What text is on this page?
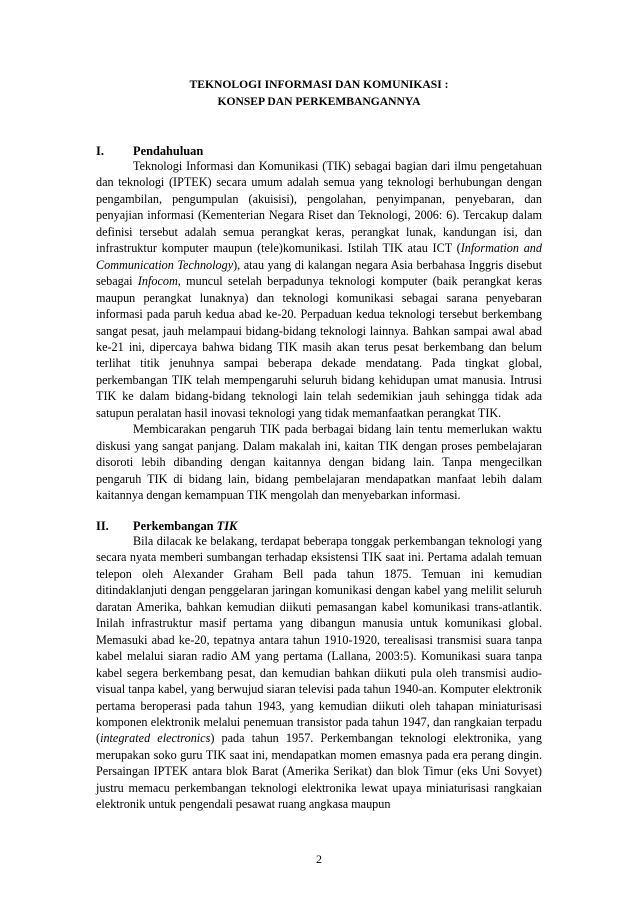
TEKNOLOGI INFORMASI DAN KOMUNIKASI :
KONSEP DAN PERKEMBANGANNYA
I. Pendahuluan

Teknologi Informasi dan Komunikasi (TIK) sebagai bagian dari ilmu pengetahuan dan teknologi (IPTEK) secara umum adalah semua yang teknologi berhubungan dengan pengambilan, pengumpulan (akuisisi), pengolahan, penyimpanan, penyebaran, dan penyajian informasi (Kementerian Negara Riset dan Teknologi, 2006: 6). Tercakup dalam definisi tersebut adalah semua perangkat keras, perangkat lunak, kandungan isi, dan infrastruktur komputer maupun (tele)komunikasi. Istilah TIK atau ICT (Information and Communication Technology), atau yang di kalangan negara Asia berbahasa Inggris disebut sebagai Infocom, muncul setelah berpadunya teknologi komputer (baik perangkat keras maupun perangkat lunaknya) dan teknologi komunikasi sebagai sarana penyebaran informasi pada paruh kedua abad ke-20. Perpaduan kedua teknologi tersebut berkembang sangat pesat, jauh melampaui bidang-bidang teknologi lainnya. Bahkan sampai awal abad ke-21 ini, dipercaya bahwa bidang TIK masih akan terus pesat berkembang dan belum terlihat titik jenuhnya sampai beberapa dekade mendatang. Pada tingkat global, perkembangan TIK telah mempengaruhi seluruh bidang kehidupan umat manusia. Intrusi TIK ke dalam bidang-bidang teknologi lain telah sedemikian jauh sehingga tidak ada satupun peralatan hasil inovasi teknologi yang tidak memanfaatkan perangkat TIK.

Membicarakan pengaruh TIK pada berbagai bidang lain tentu memerlukan waktu diskusi yang sangat panjang. Dalam makalah ini, kaitan TIK dengan proses pembelajaran disoroti lebih dibanding dengan kaitannya dengan bidang lain. Tanpa mengecilkan pengaruh TIK di bidang lain, bidang pembelajaran mendapatkan manfaat lebih dalam kaitannya dengan kemampuan TIK mengolah dan menyebarkan informasi.

II. Perkembangan TIK

Bila dilacak ke belakang, terdapat beberapa tonggak perkembangan teknologi yang secara nyata memberi sumbangan terhadap eksistensi TIK saat ini. Pertama adalah temuan telepon oleh Alexander Graham Bell pada tahun 1875. Temuan ini kemudian ditindaklanjuti dengan penggelaran jaringan komunikasi dengan kabel yang melilit seluruh daratan Amerika, bahkan kemudian diikuti pemasangan kabel komunikasi trans-atlantik. Inilah infrastruktur masif pertama yang dibangun manusia untuk komunikasi global. Memasuki abad ke-20, tepatnya antara tahun 1910-1920, terealisasi transmisi suara tanpa kabel melalui siaran radio AM yang pertama (Lallana, 2003:5). Komunikasi suara tanpa kabel segera berkembang pesat, dan kemudian bahkan diikuti pula oleh transmisi audio-visual tanpa kabel, yang berwujud siaran televisi pada tahun 1940-an. Komputer elektronik pertama beroperasi pada tahun 1943, yang kemudian diikuti oleh tahapan miniaturisasi komponen elektronik melalui penemuan transistor pada tahun 1947, dan rangkaian terpadu (integrated electronics) pada tahun 1957. Perkembangan teknologi elektronika, yang merupakan soko guru TIK saat ini, mendapatkan momen emasnya pada era perang dingin. Persaingan IPTEK antara blok Barat (Amerika Serikat) dan blok Timur (eks Uni Sovyet) justru memacu perkembangan teknologi elektronika lewat upaya miniaturisasi rangkaian elektronik untuk pengendali pesawat ruang angkasa maupun

2
